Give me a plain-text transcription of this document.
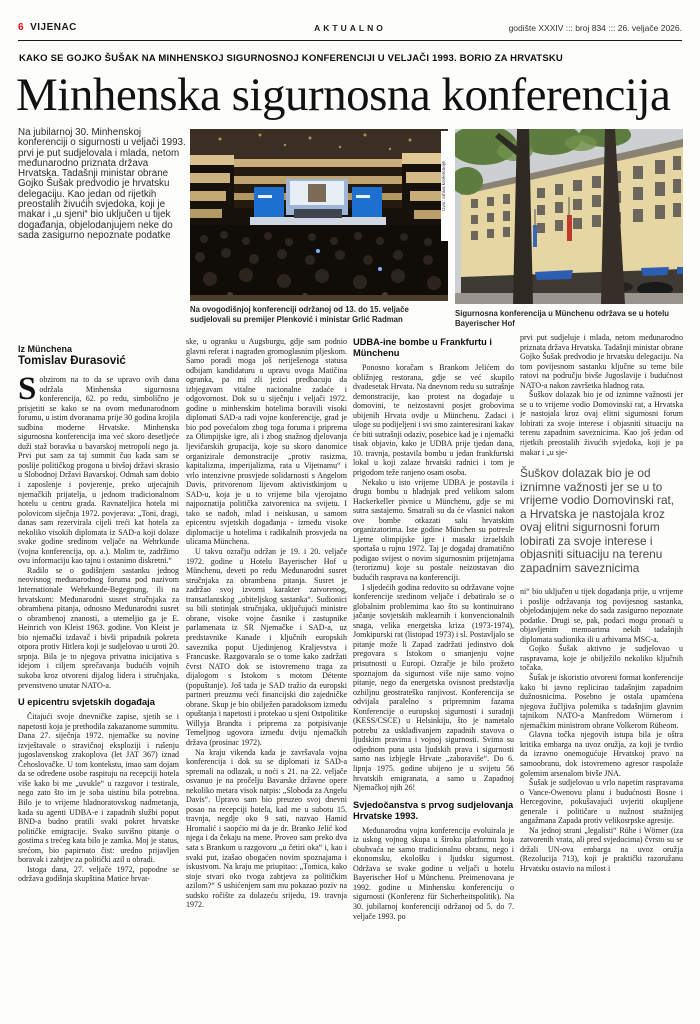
6 VIJENAC	AKTUALNO	godište XXXIV ::: broj 834 ::: 26. veljače 2026.
KAKO SE GOJKO ŠUŠAK NA MINHENSKOJ SIGURNOSNOJ KONFERENCIJI U VELJAČI 1993. BORIO ZA HRVATSKU
Minhenska sigurnosna konferencija
Na jubilarnoj 30. Minhenskoj konferenciji o sigurnosti u veljači 1993. prvi je put sudjelovala i mlada, netom međunarodno priznata država Hrvatska. Tadašnji ministar obrane Gojko Šušak predvodio je hrvatsku delegaciju. Kao jedan od rijetkih preostalih živućih svjedoka, koji je makar i „u sjeni“ bio uključen u tijek događanja, objelodanjujem neke do sada zasigurno nepoznate podatke
Izvor: arhiva konferencije
Na ovogodišnjoj konferenciji održanoj od 13. do 15. veljače sudjelovali su premijer Plenković i ministar Grlić Radman
Sigurnosna konferencija u Münchenu održava se u hotelu Bayerischer Hof
Iz Münchena
Tomislav Đurasović

Sobzirom na to da se upravo ovih dana održala Minhenska sigurnosna konferencija, 62. po redu, simbolično je prisjetiti se kako se na ovom međunarodnom forumu, u istim dvoranama prije 30 godina krojila sudbina moderne Hrvatske. Minhenska sigurnosna konferencija ima već skoro desetljeće duži staž boravka u bavarskoj metropoli nego ja. Prvi put sam za taj summit čuo kada sam se poslije političkog progona u bivšoj državi skrasio u Slobodnoj Državi Bavarskoj. Odmah sam dobio i zaposlenje i povjerenje, preko utjecajnih njemačkih prijatelja, u jednom tradicionalnom hotelu u centru grada. Ravnateljica hotela mi polovicom siječnja 1972. povjerava: „Toni, dragi, danas sam rezervirala cijeli treći kat hotela za nekoliko visokih diplomata iz SAD-a koji dolaze svake godine sredinom veljače na Wehrkunde (vojna konferencija, op. a.). Molim te, zadržimo ovu informaciju kao tajnu i ostanimo diskretni.“

Radilo se o godišnjem sastanku jednog neovisnog međunarodnog foruma pod nazivom Internationale Wehrkunde-Begegnung, ili na hrvatskom: Međunarodni susret stručnjaka za obrambena pitanja, odnosno Međunarodni susret o obrambenoj znanosti, a utemeljio ga je E. Heinrich von Kleist 1963. godine. Von Kleist je bio njemački izdavač i bivši pripadnik pokreta otpora protiv Hitlera koji je sudjelovao u uroti 20. srpnja. Bila je to njegova privatna inicijativa s idejom i ciljem sprečavanja budućih vojnih sukoba kroz otvoreni dijalog lidera i stručnjaka, prvenstveno unutar NATO-a.

U epicentru svjetskih događaja

Čitajući svoje dnevničke zapise, sjetih se i napetosti koja je prethodila zakazanome summitu. Dana 27. siječnja 1972. njemačke su novine izvještavale o stravičnoj eksploziji i rušenju jugoslavenskog zrakoplova (let JAT 367) iznad Čehoslovačke. U tom kontekstu, imao sam dojam da se određene osobe raspituju na recepciji hotela više kako bi me „uvukle“ u razgovor i testirale, nego zato što im je soba uistinu bila potrebna. Bilo je to vrijeme hladnoratovskog nadmetanja, kada su agenti UDBA-e i zapadnih službi poput BND-a budno pratili svaki pokret hrvatske političke emigracije. Svako suvišno pitanje o gostima s trećeg kata bilo je zamka. Moj je status, srećom, bio papirnato čist: uredno prijavljen boravak i zahtjev za politički azil u obradi.

Istoga dana, 27. veljače 1972, popodne se održava godišnja skupština Matice hrvat-

ske, u ogranku u Augsburgu, gdje sam podnio glavni referat i nagrađen gromoglasnim pljeskom. Samo poradi moga još neriješenoga statusa odbijam kandidaturu u upravu ovoga Matičina ogranka, pa mi zli jezici predbacuju da izbjegavam vitalne nacionalne zadaće i odgovornost. Dok su u siječnju i veljači 1972. godine u minhenskim hotelima boravili visoki diplomati SAD-a radi vojne konferencije, grad je bio pod povećalom zbog toga foruma i priprema za Olimpijske igre, ali i zbog snažnog djelovanja ljevičarskih grupacija, koje su skoro danomice organizirale demonstracije „protiv rasizma, kapitalizma, imperijalizma, rata u Vijetnamu“ i vrlo intenzivne prosvjede solidarnosti s Angelom Davis, pritvorenom lijevom aktivistkinjom u SAD-u, koja je u to vrijeme bila vjerojatno najpoznatija politička zatvorenica na svijetu. I tako se nađoh, mlad i neiskusan, u samom epicentru svjetskih događanja - između visoke diplomacije u hotelima i radikalnih prosvjeda na ulicama Münchena.

U takvu ozračju održan je 19. i 20. veljače 1972. godine u Hotelu Bayerischer Hof u Münchenu, deveti po redu Međunarodni susret stručnjaka za obrambena pitanja. Susret je zadržao svoj izvorni karakter zatvorenog, transatlantskog „obiteljskog sastanka“. Sudionici su bili stotinjak stručnjaka, uključujući ministre obrane, visoke vojne časnike i zastupnike parlamenata iz SR Njemačke i SAD-a, uz predstavnike Kanade i ključnih europskih saveznika poput Ujedinjenog Kraljevstva i Francuske. Razgovaralo se o tome kako zadržati čvrst NATO dok se istovremeno traga za dijalogom s Istokom s motom Détente (popuštanje). Još tada je SAD tražio da europski partneri preuzmu veći financijski dio zajedničke obrane. Skup je bio obilježen paradoksom između opuštanja i napetosti i protekao u sjeni Ostpolitike Willyja Brandta i priprema za potpisivanje Temeljnog ugovora između dviju njemačkih država (prosinac 1972).

Na kraju vikenda kada je završavala vojna konferencija i dok su se diplomati iz SAD-a spremali na odlazak, u noći s 21. na 22. veljače osvanuo je na pročelju Bavarske državne opere nekoliko metara visok natpis: „Sloboda za Angelu Davis“. Upravo sam bio preuzeo svoj dnevni posao na recepciji hotela, kad me u subotu 15. travnja, negdje oko 9 sati, nazvao Hamid Hromalić i saopćio mi da je dr. Branko Jelić kod njega i da čekaju na mene. Proveo sam preko dva sata s Brankom u razgovoru „u četiri oka“ i, kao i svaki put, izašao obogaćen novim spoznajama i iskustvom. Na kraju me priupitao: „Tomica, kako stoje stvari oko tvoga zahtjeva za političkim azilom?“ S ushićenjem sam mu pokazao poziv na sudsko ročište za dolazeću srijedu, 19. travnja 1972.

UDBA-ine bombe u Frankfurtu i Münchenu

Ponosno koračam s Brankom Jelićem do obližnjeg restorana, gdje se već skupilo dvadesetak Hrvata. Na dnevnom redu su sutrašnje demonstracije, kao protest na događaje u domovini, te neizostavni posjet grobovima ubijenih Hrvata ovdje u Münchenu. Zadaci i uloge su podijeljeni i svi smo zainteresirani kakav će biti sutrašnji odaziv, posebice kad je i njemački tisak objavio, kako je UDBA prije tjedan dana, 10. travnja, postavila bombu u jedan frankfurtski lokal u koji zalaze hrvatski radnici i tom je prigodom teže ranjeno osam osoba.

Nekako u isto vrijeme UDBA je postavila i drugu bombu u hladnjak pred velikom salom Hackerkeller pivnice u Münchenu, gdje se mi sutra sastajemo. Smatrali su da će vlasnici nakon ove bombe otkazati salu hrvatskim organizatorima. Iste godine München su potresle Ljetne olimpijske igre i masakr izraelskih sportaša u rujnu 1972. Taj je događaj dramatično podigao svijest o novim sigurnosnim prijetnjama (terorizmu) koje su postale neizostavan dio budućih rasprava na konferenciji.

I sljedećih godina redovito su održavane vojne konferencije sredinom veljače i debatiralo se o globalnim problemima kao što su kontinuirano jačanje sovjetskih nuklearnih i konvencionalnih snaga, velika energetska kriza (1973-1974), Jomkipurski rat (listopad 1973) i sl. Postavljalo se pitanje može li Zapad zadržati jedinstvo dok pregovara s Istokom o smanjenju vojne prisutnosti u Europi. Ozračje je bilo prožeto spoznajom da sigurnost više nije samo vojno pitanje, nego da energetska ovisnost predstavlja ozbiljnu geostratešku ranjivost. Konferencija se odvijala paralelno s pripremnim fazama Konferencije o europskoj sigurnosti i suradnji (KESS/CSCE) u Helsinkiju, što je nametalo potrebu za usklađivanjem zapadnih stavova o ljudskim pravima i vojnoj sigurnosti. Svima su odjednom puna usta ljudskih prava i sigurnosti samo nas izbjegle Hrvate „zaboraviše“. Do 6. lipnja 1975. godine ubijeno je u svijetu 56 hrvatskih emigranata, a samo u Zapadnoj Njemačkoj njih 26!

Svjedočanstva s prvog sudjelovanja Hrvatske 1993.

Međunarodna vojna konferencija evoluirala je iz uskog vojnog skupa u široku platformu koja obuhvaća ne samo tradicionalnu obranu, nego i ekonomsku, ekološku i ljudsku sigurnost. Održava se svake godine u veljači u hotelu Bayerischer Hof u Münchenu. Preimenovana je 1992. godine u Minhensku konferenciju o sigurnosti (Konferenz für Sicherheitspolitik). Na 30. jubilarnoj konferenciji održanoj od 5. do 7. veljače 1993. po

prvi put sudjeluje i mlada, netom međunarodno priznata država Hrvatska. Tadašnji ministar obrane Gojko Šušak predvodio je hrvatsku delegaciju. Na tom povijesnom sastanku ključne su teme bile ratovi na području bivše Jugoslavije i budućnost NATO-a nakon završetka hladnog rata.

Šuškov dolazak bio je od iznimne važnosti jer se u to vrijeme vodio Domovinski rat, a Hrvatska je nastojala kroz ovaj elitni sigurnosni forum lobirati za svoje interese i objasniti situaciju na terenu zapadnim saveznicima. Kao još jedan od rijetkih preostalih živućih svjedoka, koji je pa makar i „u sje-

Šuškov dolazak bio je od iznimne važnosti jer se u to vrijeme vodio Domovinski rat, a Hrvatska je nastojala kroz ovaj elitni sigurnosni forum lobirati za svoje interese i objasniti situaciju na terenu zapadnim saveznicima

ni“ bio uključen u tijek događanja prije, u vrijeme i poslije održavanja tog povijesnog sastanka, objelodanjujem neke do sada zasigurno nepoznate podatke. Drugi se, pak, podaci mogu pronaći u objavljenim memoarima nekih tadašnjih diplomata sudionika ili u arhivama MSC-a.

Gojko Šušak aktivno je sudjelovao u raspravama, koje je obilježilo nekoliko ključnih točaka.

Šušak je iskoristio otvoreni format konferencije kako bi javno replicirao tadašnjim zapadnim dužnosnicima. Posebno je ostala upamćena njegova žučljiva polemika s tadašnjim glavnim tajnikom NATO-a Manfredom Wörnerom i njemačkim ministrom obrane Volkerom Rüheom.

Glavna točka njegovih istupa bila je oštra kritika embarga na uvoz oružja, za koji je tvrdio da izravno onemogućuje Hrvatskoj pravo na samoobranu, dok istovremeno agresor raspolaže golemim arsenalom bivše JNA.

Šušak je sudjelovao u vrlo napetim raspravama o Vance-Owenovu planu i budućnosti Bosne i Hercegovine, pokušavajući uvjeriti okupljene generale i političare u nužnost snažnijeg angažmana Zapada protiv velikosrpske agresije.

Na jednoj strani „legalisti“ Rühe i Wörner (iza zatvorenih vrata, ali pred svjedocima) čvrsto su se držali UN-ova embarga na uvoz oružja (Rezolucija 713), koji je praktički razoružanu Hrvatsku ostavio na milost i
